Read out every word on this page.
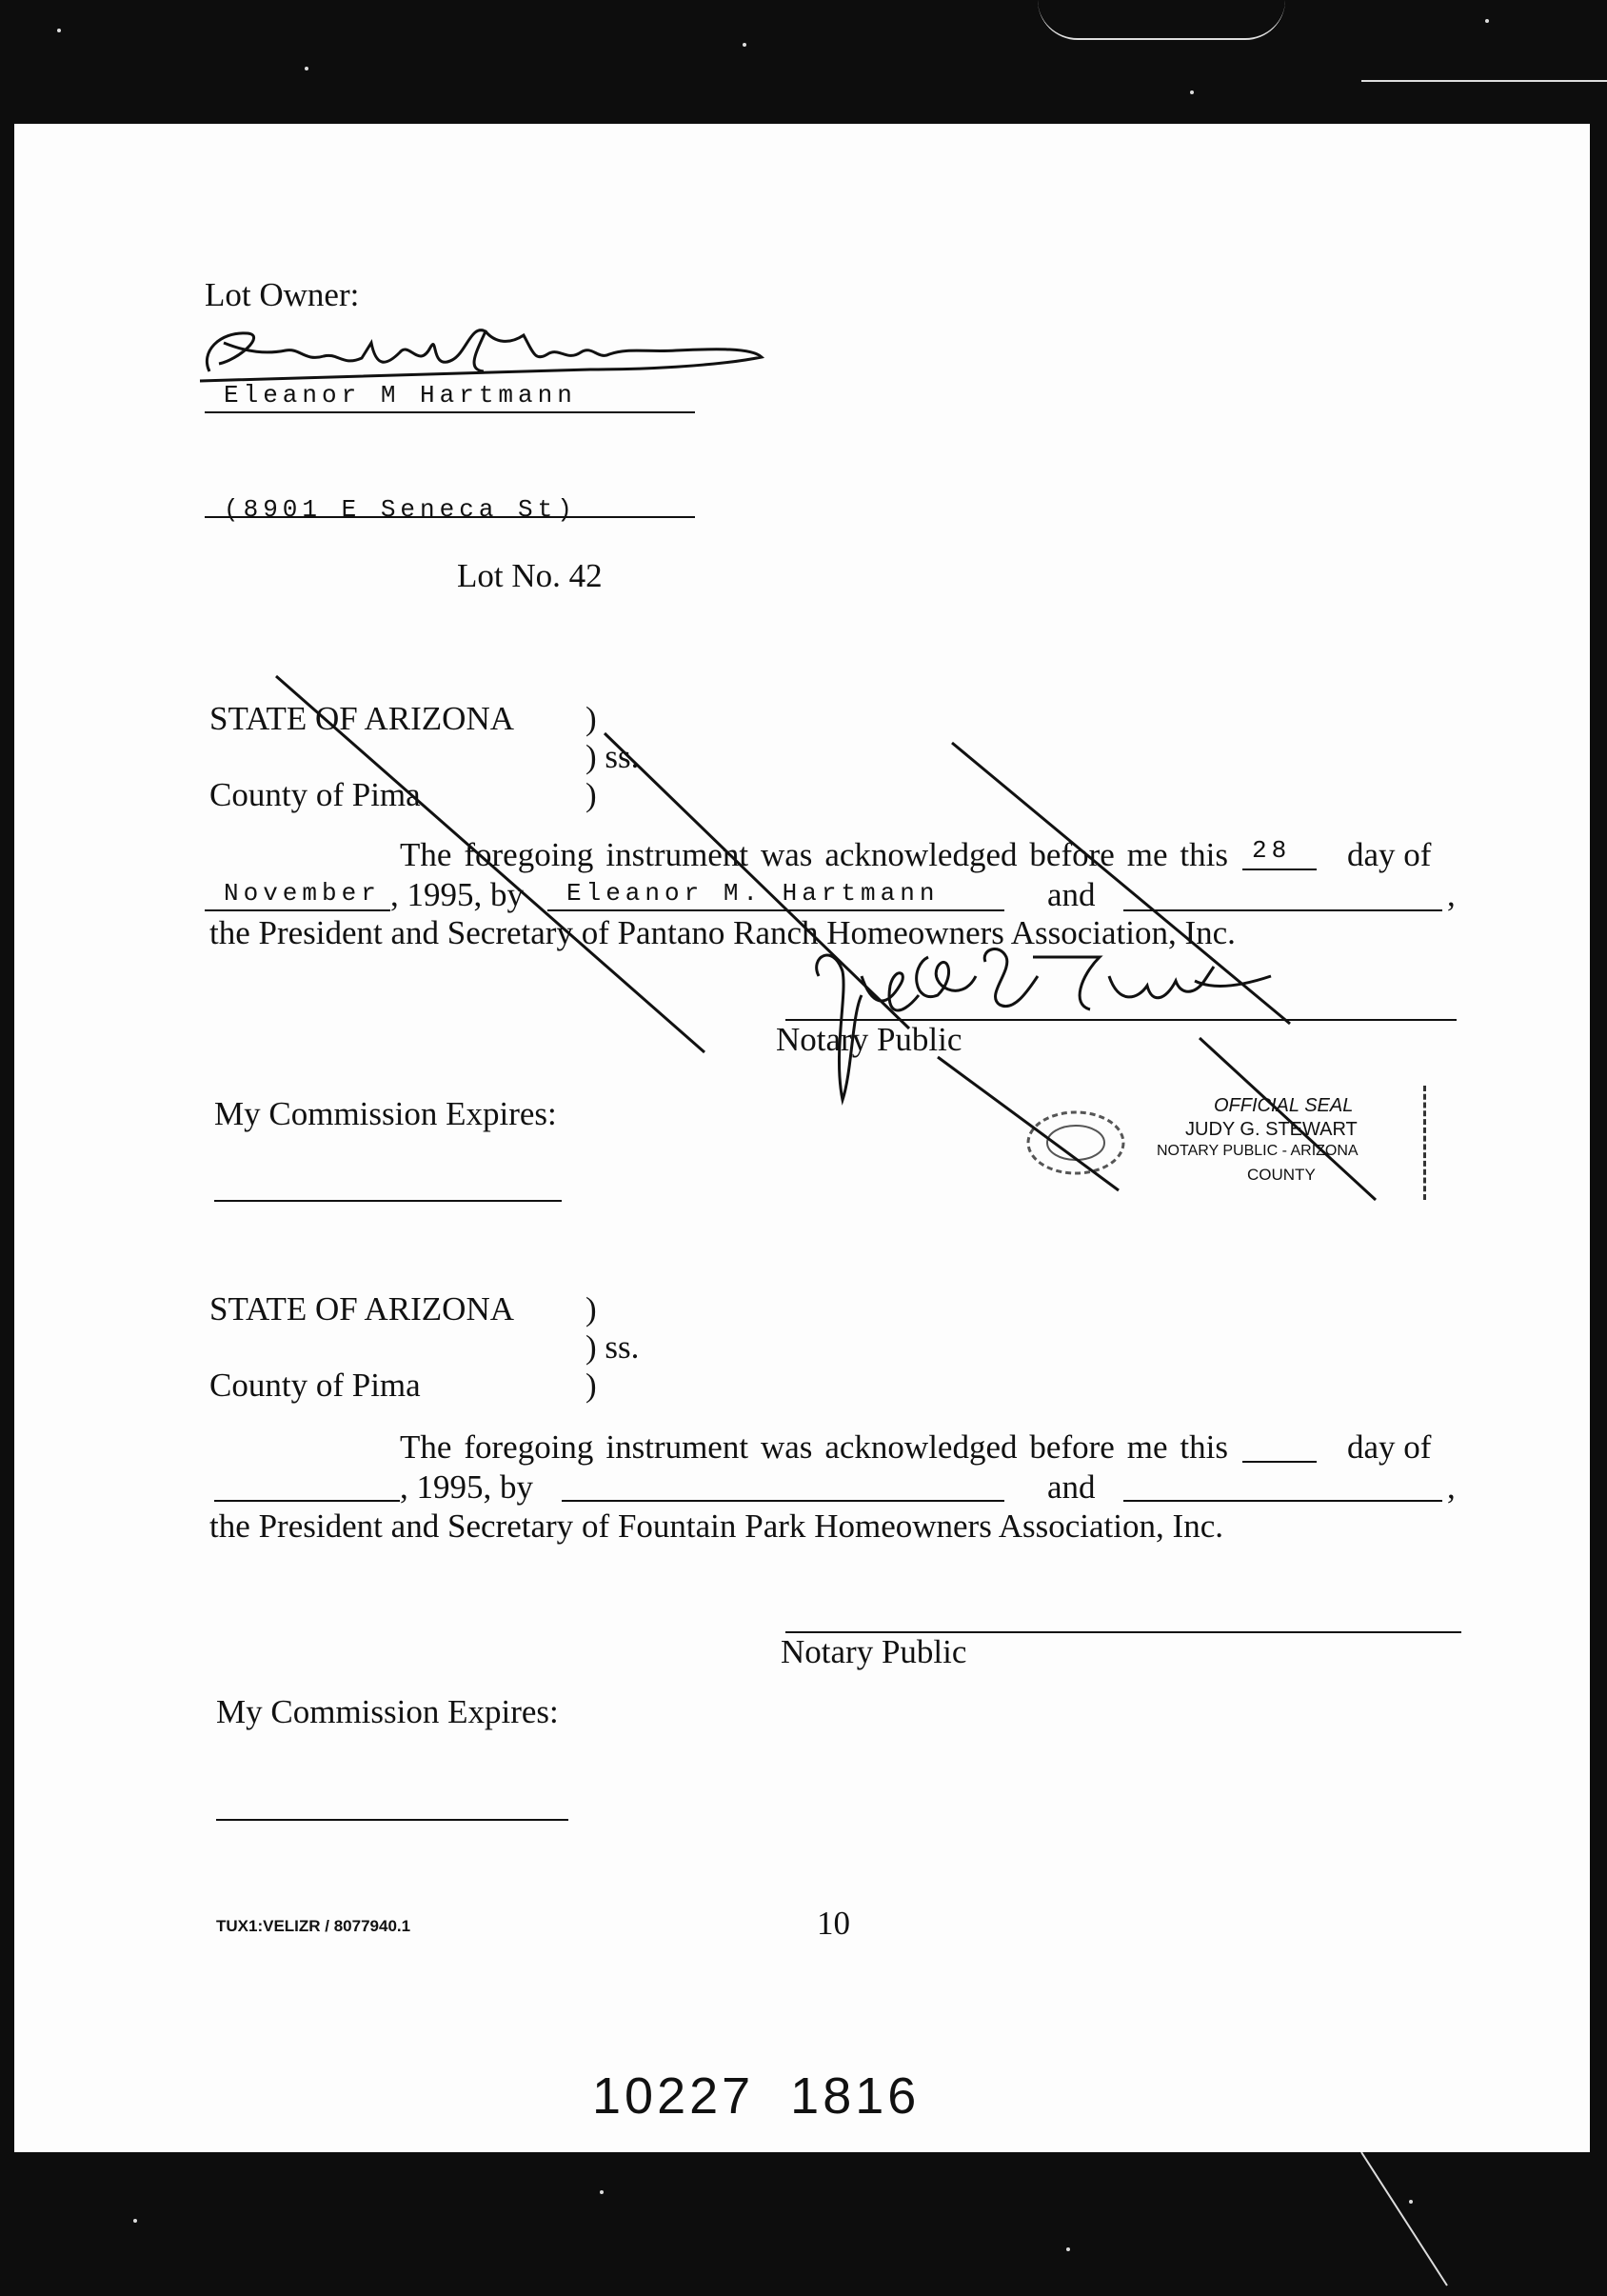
Lot Owner:
Eleanor M Hartmann
(8901 E Seneca St)
Lot No. 42
STATE OF ARIZONA )
) ss.
County of Pima	)
The foregoing instrument was acknowledged before me this 28 day of
November , 1995, by Eleanor M. Hartmann	and	,
the President and Secretary of Pantano Ranch Homeowners Association, Inc.
Notary Public
My Commission Expires:	OFFICIAL SEAL
JUDY G. STEWART
NOTARY PUBLIC - ARIZONA
COUNTY
STATE OF ARIZONA )
) ss.
County of Pima	)
The foregoing instrument was acknowledged before me this	day of
, 1995, by	and	,
the President and Secretary of Fountain Park Homeowners Association, Inc.
Notary Public
My Commission Expires:
TUX1:VELIZR / 8077940.1	10
10227  1816
